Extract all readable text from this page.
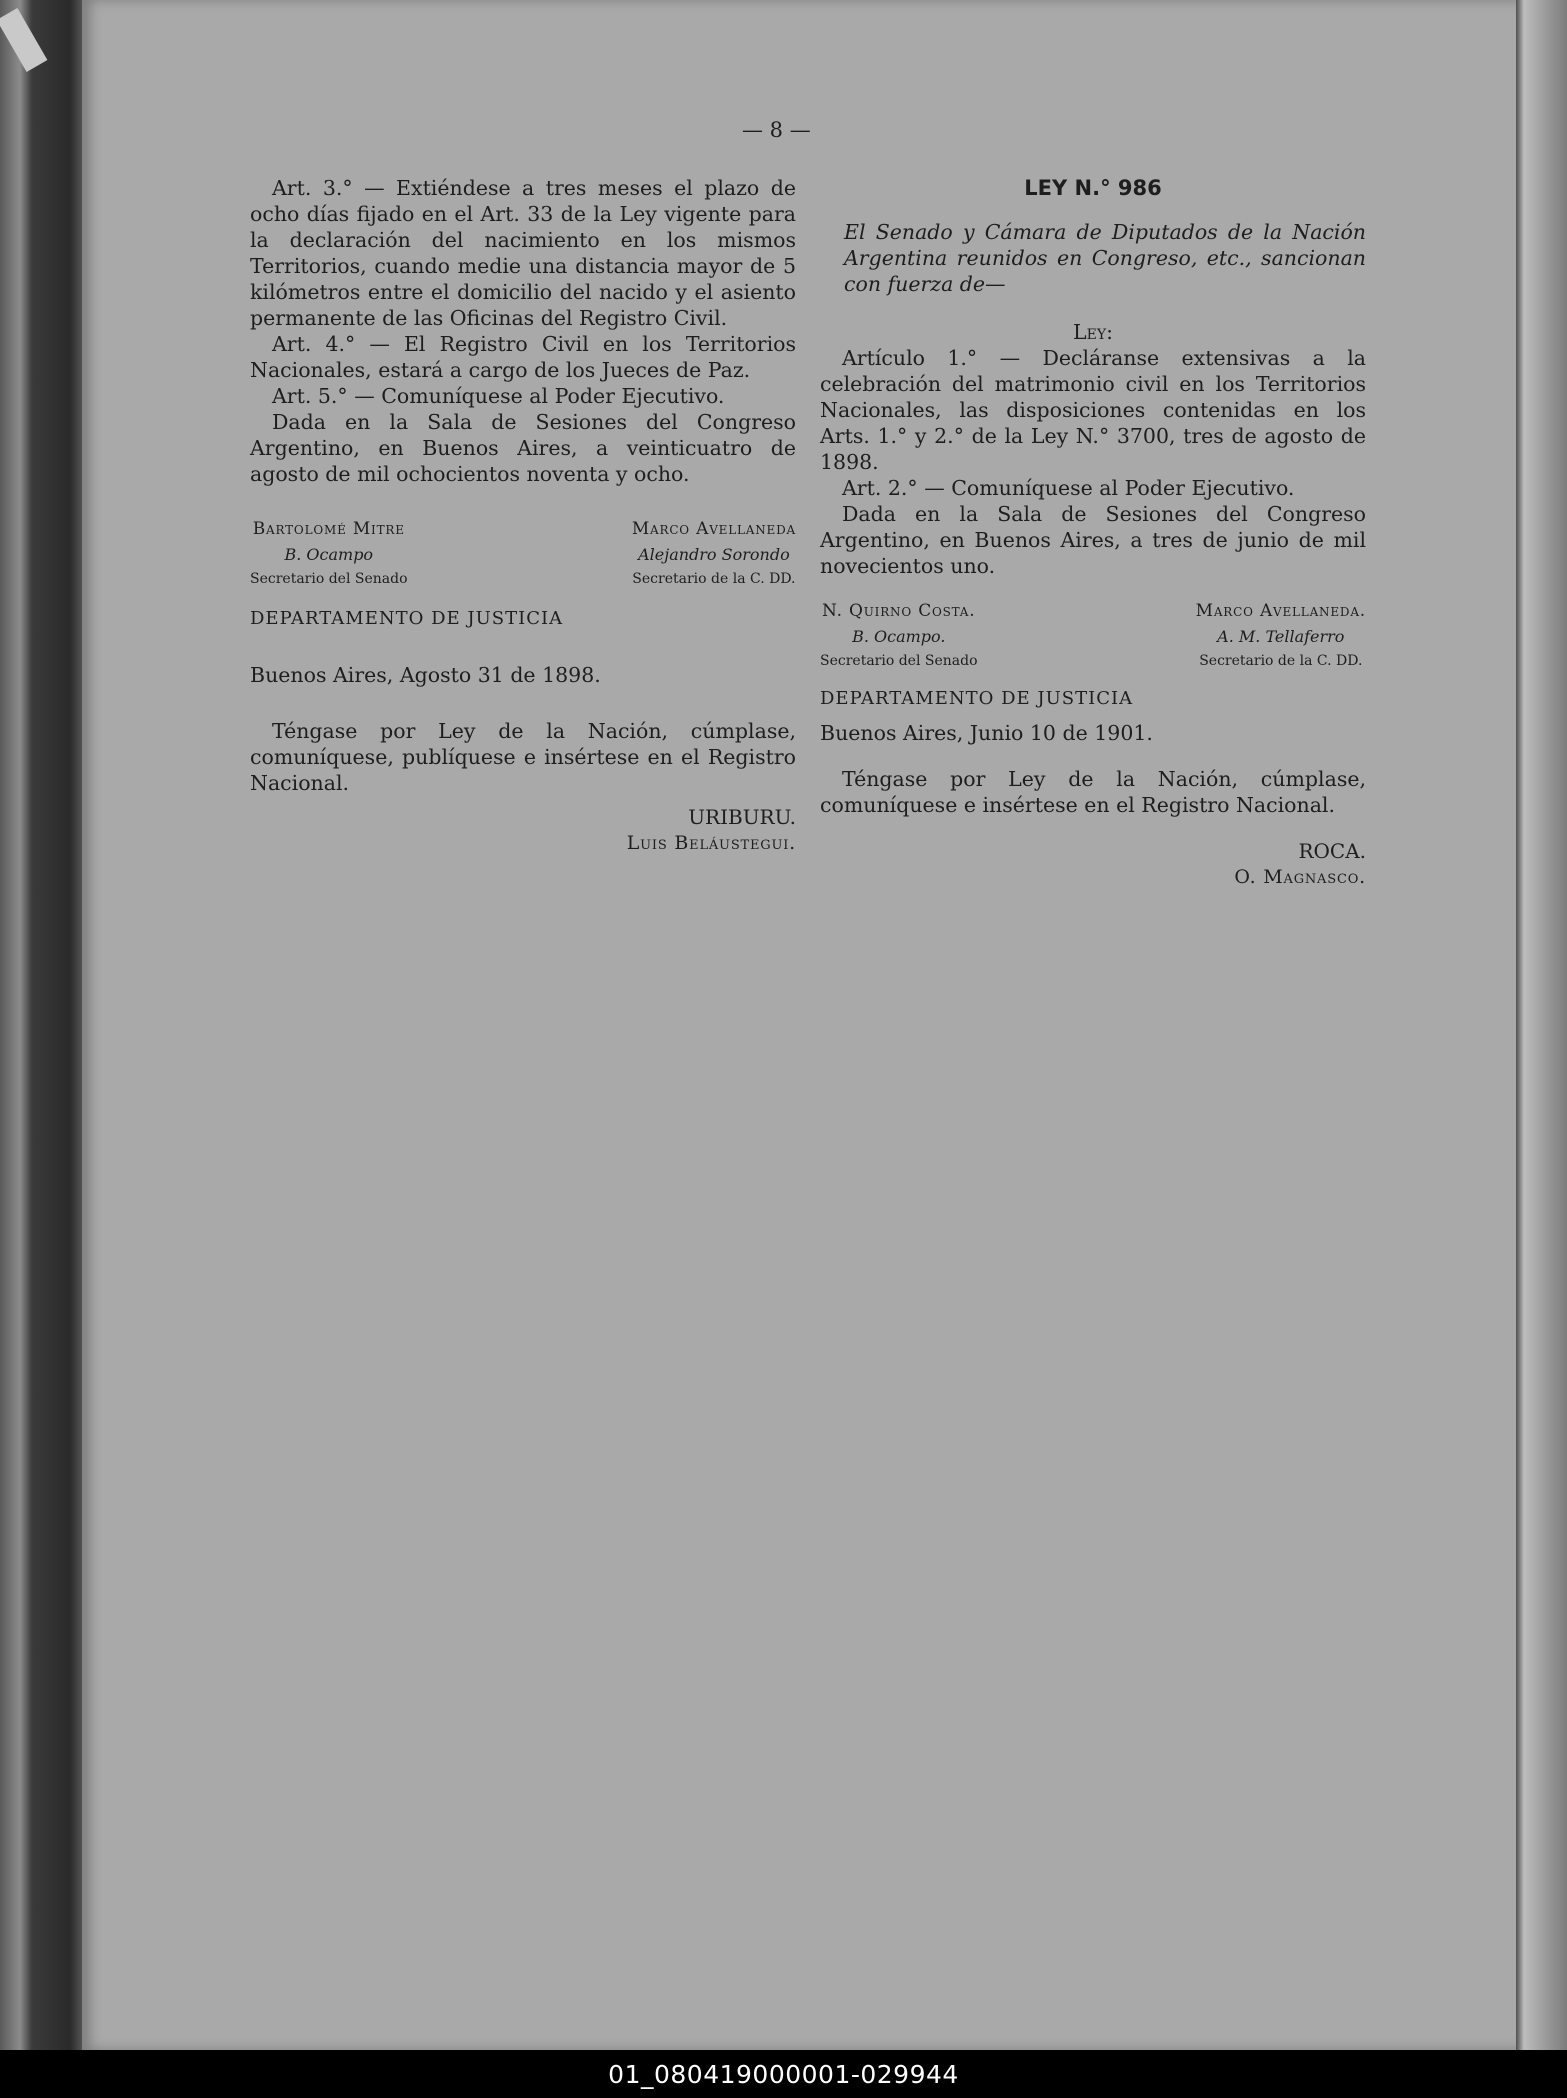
— 8 —

Art. 3.° — Extiéndese a tres meses el plazo de ocho días fijado en el Art. 33 de la Ley vigente para la declaración del nacimiento en los mismos Territorios, cuando medie una distancia mayor de 5 kilómetros entre el domicilio del nacido y el asiento permanente de las Oficinas del Registro Civil.

Art. 4.° — El Registro Civil en los Territorios Nacionales, estará a cargo de los Jueces de Paz.

Art. 5.° — Comuníquese al Poder Ejecutivo.

Dada en la Sala de Sesiones del Congreso Argentino, en Buenos Aires, a veinticuatro de agosto de mil ochocientos noventa y ocho.

Bartolomé Mitre
B. Ocampo
Secretario del Senado
Marco Avellaneda
Alejandro Sorondo
Secretario de la C. DD.
DEPARTAMENTO DE JUSTICIA

Buenos Aires, Agosto 31 de 1898.

Téngase por Ley de la Nación, cúmplase, comuníquese, publíquese e insértese en el Registro Nacional.

URIBURU.

Luis Beláustegui.

LEY N.° 986

El Senado y Cámara de Diputados de la Nación Argentina reunidos en Congreso, etc., sancionan con fuerza de—

Ley:

Artículo 1.° — Decláranse extensivas a la celebración del matrimonio civil en los Territorios Nacionales, las disposiciones contenidas en los Arts. 1.° y 2.° de la Ley N.° 3700, tres de agosto de 1898.

Art. 2.° — Comuníquese al Poder Ejecutivo.

Dada en la Sala de Sesiones del Congreso Argentino, en Buenos Aires, a tres de junio de mil novecientos uno.

N. Quirno Costa.
B. Ocampo.
Secretario del Senado
Marco Avellaneda.
A. M. Tellaferro
Secretario de la C. DD.
DEPARTAMENTO DE JUSTICIA

Buenos Aires, Junio 10 de 1901.

Téngase por Ley de la Nación, cúmplase, comuníquese e insértese en el Registro Nacional.

ROCA.

O. Magnasco.

01_080419000001-029944
